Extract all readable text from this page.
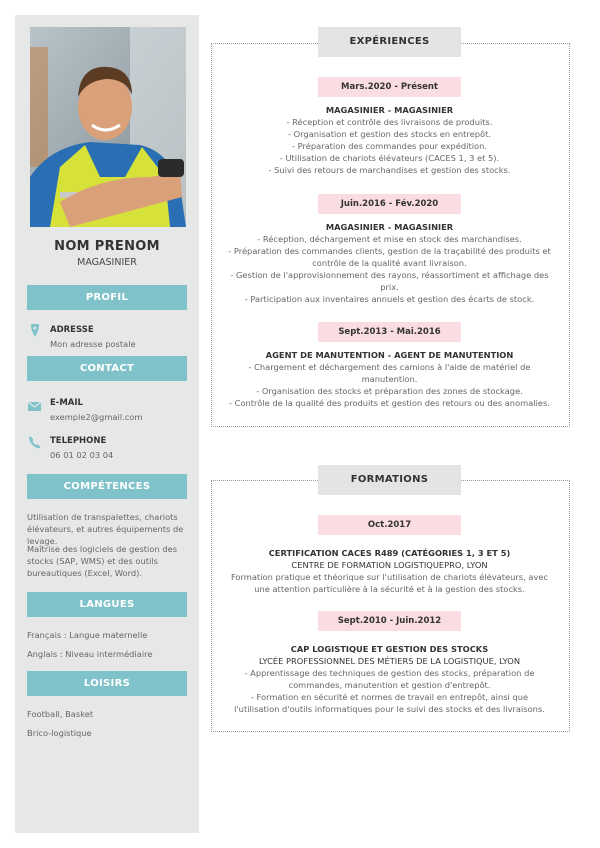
NOM PRENOM
MAGASINIER
PROFIL
ADRESSE
Mon adresse postale
CONTACT
E-MAIL
exemple2@gmail.com
TELEPHONE
06 01 02 03 04
COMPÉTENCES
Utilisation de transpalettes, chariots élévateurs, et autres équipements de levage.
Maîtrise des logiciels de gestion des stocks (SAP, WMS) et des outils bureautiques (Excel, Word).
LANGUES
Français : Langue maternelle
Anglais : Niveau intermédiaire
LOISIRS
Football, Basket
Brico-logistique
EXPÉRIENCES
Mars.2020 - Présent
MAGASINIER - MAGASINIER
- Réception et contrôle des livraisons de produits.
- Organisation et gestion des stocks en entrepôt.
- Préparation des commandes pour expédition.
- Utilisation de chariots élévateurs (CACES 1, 3 et 5).
- Suivi des retours de marchandises et gestion des stocks.
Juin.2016 - Fév.2020
MAGASINIER - MAGASINIER
- Réception, déchargement et mise en stock des marchandises.
- Préparation des commandes clients, gestion de la traçabilité des produits et contrôle de la qualité avant livraison.
- Gestion de l'approvisionnement des rayons, réassortiment et affichage des prix.
- Participation aux inventaires annuels et gestion des écarts de stock.
Sept.2013 - Mai.2016
AGENT DE MANUTENTION - AGENT DE MANUTENTION
- Chargement et déchargement des camions à l'aide de matériel de manutention.
- Organisation des stocks et préparation des zones de stockage.
- Contrôle de la qualité des produits et gestion des retours ou des anomalies.
FORMATIONS
Oct.2017
CERTIFICATION CACES R489 (CATÉGORIES 1, 3 ET 5)
CENTRE DE FORMATION LOGISTIQUEPRO, LYON
Formation pratique et théorique sur l'utilisation de chariots élévateurs, avec une attention particulière à la sécurité et à la gestion des stocks.
Sept.2010 - Juin.2012
CAP LOGISTIQUE ET GESTION DES STOCKS
LYCÉE PROFESSIONNEL DES MÉTIERS DE LA LOGISTIQUE, LYON
- Apprentissage des techniques de gestion des stocks, préparation de commandes, manutention et gestion d'entrepôt.
- Formation en sécurité et normes de travail en entrepôt, ainsi que l'utilisation d'outils informatiques pour le suivi des stocks et des livraisons.
